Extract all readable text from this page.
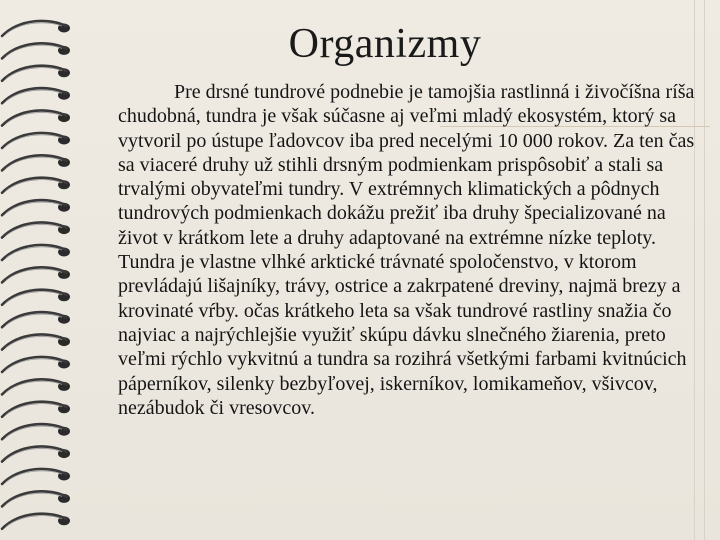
Organizmy

Pre drsné tundrové podnebie je tamojšia rastlinná i živočíšna ríša chudobná, tundra je však súčasne aj veľmi mladý ekosystém, ktorý sa vytvoril po ústupe ľadovcov iba pred necelými 10 000 rokov. Za ten čas sa viaceré druhy už stihli drsným podmienkam prispôsobiť a stali sa trvalými obyvateľmi tundry. V extrémnych klimatických a pôdnych tundrových podmienkach dokážu prežiť iba druhy špecializované na život v krátkom lete a druhy adaptované na extrémne nízke teploty. Tundra je vlastne vlhké arktické trávnaté spoločenstvo, v ktorom prevládajú lišajníky, trávy, ostrice a zakrpatené dreviny, najmä brezy a krovinaté vŕby. očas krátkeho leta sa však tundrové rastliny snažia čo najviac a najrýchlejšie využiť skúpu dávku slnečného žiarenia, preto veľmi rýchlo vykvitnú a tundra sa rozihrá všetkými farbami kvitnúcich páperníkov, silenky bezbyľovej, iskerníkov, lomikameňov, všivcov, nezábudok či vresovcov.
